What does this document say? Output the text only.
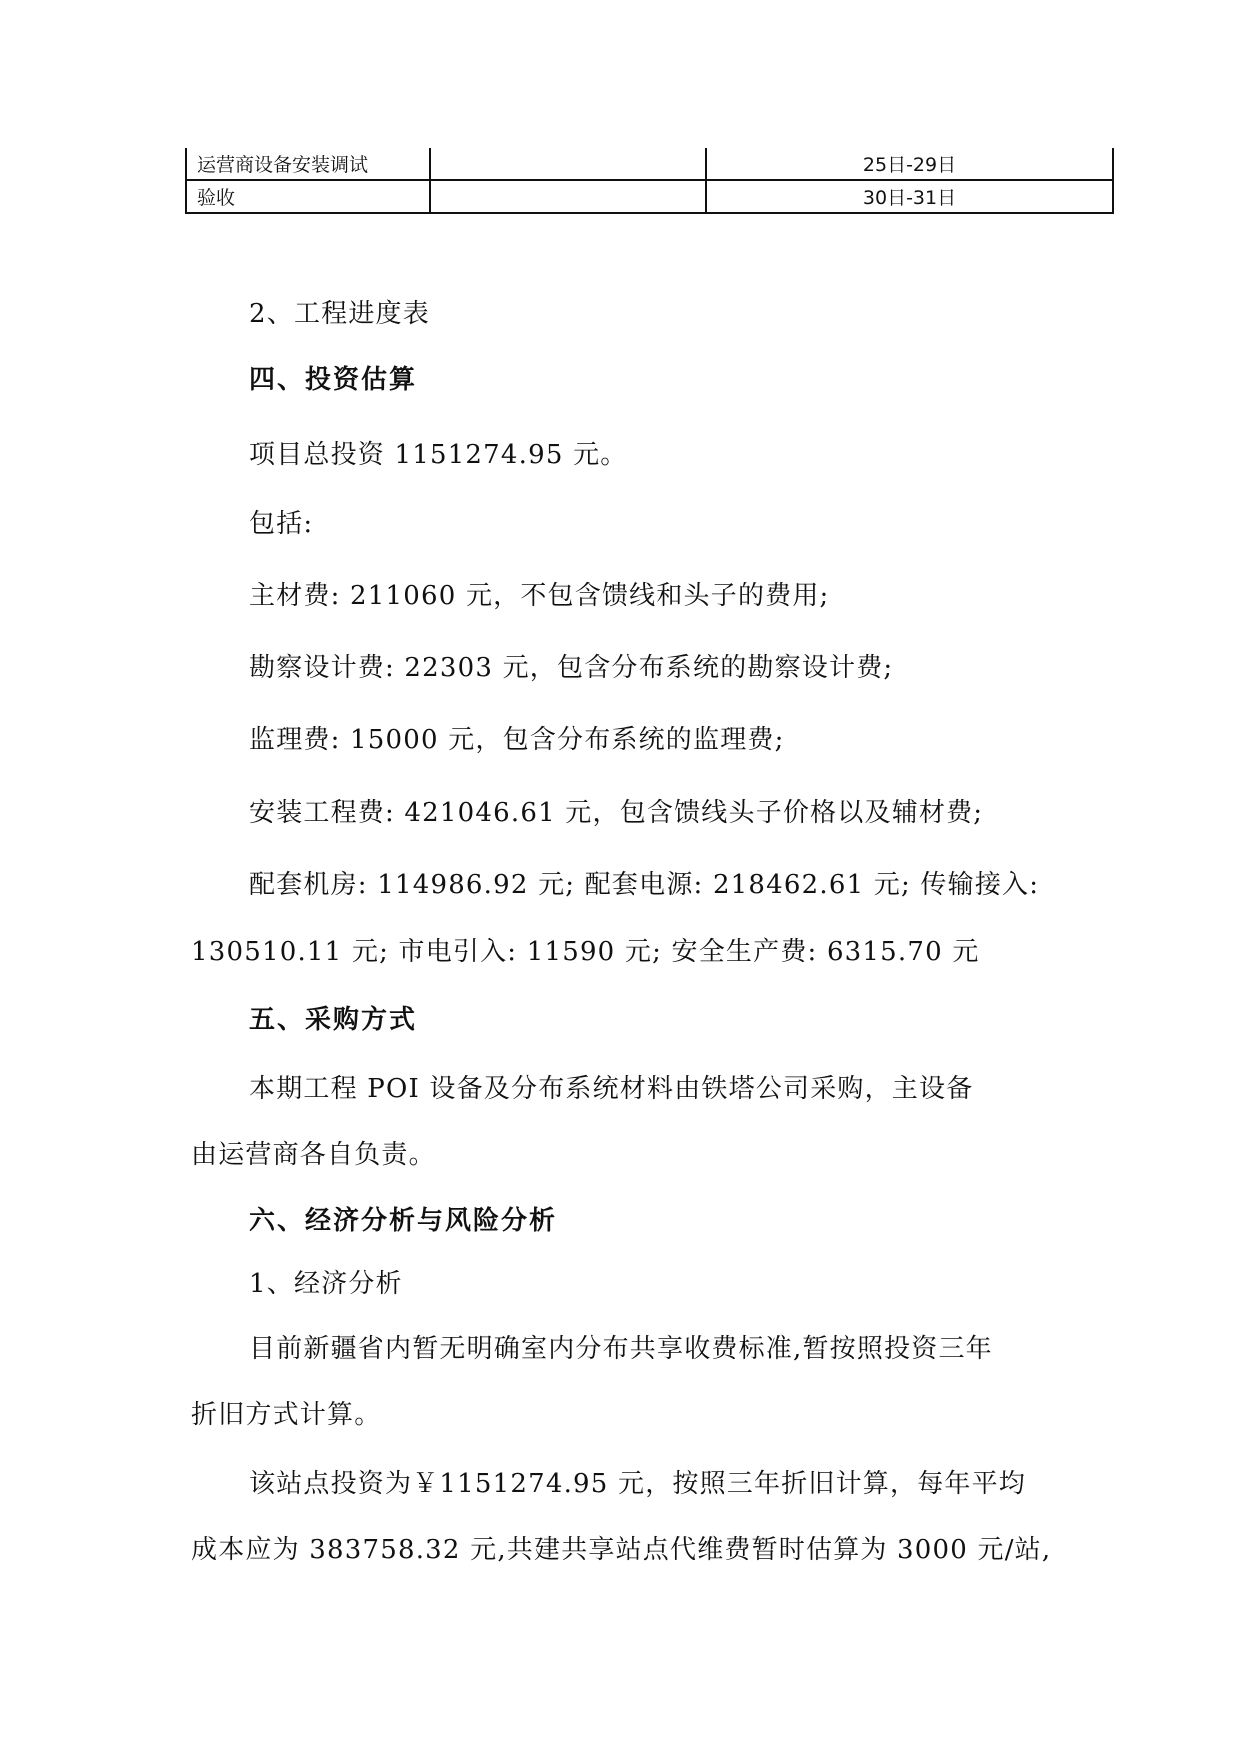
运营商设备安装调试		25日-29日
验收		30日-31日
2、工程进度表
四、投资估算
项目总投资 1151274.95 元。
包括:
主材费: 211060 元，不包含馈线和头子的费用;
勘察设计费: 22303 元，包含分布系统的勘察设计费;
监理费: 15000 元，包含分布系统的监理费;
安装工程费: 421046.61 元，包含馈线头子价格以及辅材费;
配套机房: 114986.92 元; 配套电源: 218462.61 元; 传输接入:
130510.11 元; 市电引入: 11590 元; 安全生产费: 6315.70 元
五、采购方式
本期工程 POI 设备及分布系统材料由铁塔公司采购，主设备
由运营商各自负责。
六、经济分析与风险分析
1、经济分析
目前新疆省内暂无明确室内分布共享收费标准,暂按照投资三年
折旧方式计算。
该站点投资为￥1151274.95 元，按照三年折旧计算，每年平均
成本应为 383758.32 元,共建共享站点代维费暂时估算为 3000 元/站,
